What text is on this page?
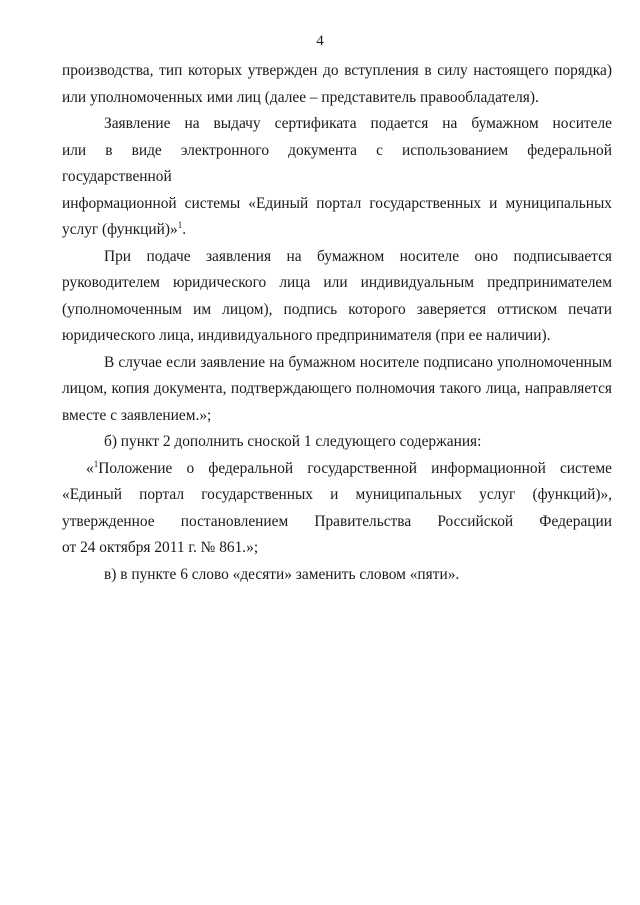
4
производства, тип которых утвержден до вступления в силу настоящего порядка)
или уполномоченных ими лиц (далее – представитель правообладателя).
Заявление на выдачу сертификата подается на бумажном носителе
или в виде электронного документа с использованием федеральной государственной
информационной системы «Единый портал государственных и муниципальных
услуг (функций)»$^1$.
При подаче заявления на бумажном носителе оно подписывается
руководителем юридического лица или индивидуальным предпринимателем
(уполномоченным им лицом), подпись которого заверяется оттиском печати
юридического лица, индивидуального предпринимателя (при ее наличии).
В случае если заявление на бумажном носителе подписано уполномоченным
лицом, копия документа, подтверждающего полномочия такого лица, направляется
вместе с заявлением.»;
б) пункт 2 дополнить сноской 1 следующего содержания:
«$^1$Положение о федеральной государственной информационной системе
«Единый портал государственных и муниципальных услуг (функций)»,
утвержденное постановлением Правительства Российской Федерации
от 24 октября 2011 г. № 861.»;
в) в пункте 6 слово «десяти» заменить словом «пяти».
